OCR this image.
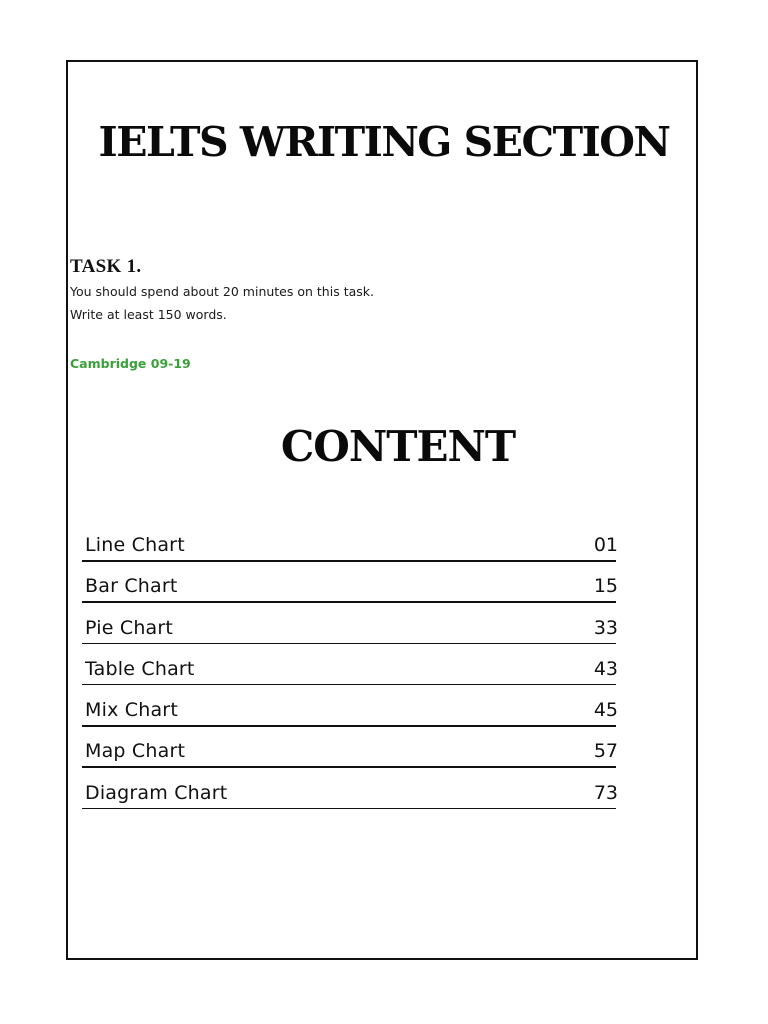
IELTS WRITING SECTION
TASK 1.

You should spend about 20 minutes on this task.

Write at least 150 words.

Cambridge 09-19

CONTENT
Line Chart	01
Bar Chart	15
Pie Chart	33
Table Chart	43
Mix Chart	45
Map Chart	57
Diagram Chart	73
